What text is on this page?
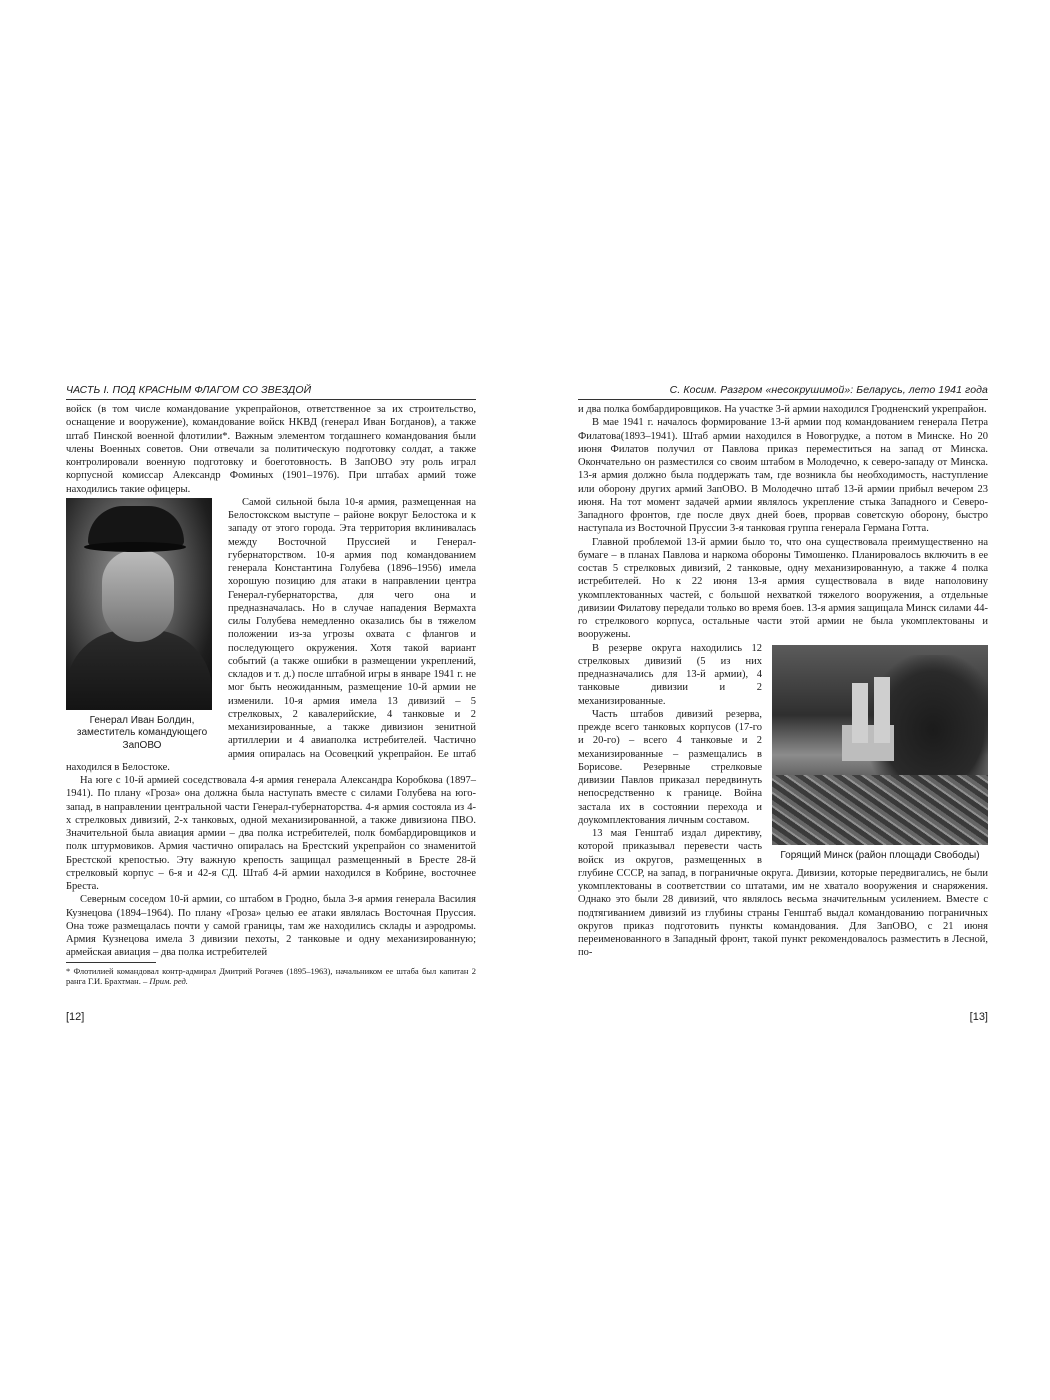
ЧАСТЬ I. ПОД КРАСНЫМ ФЛАГОМ СО ЗВЕЗДОЙ

войск (в том числе командование укрепрайонов, ответственное за их строительство, оснащение и вооружение), командование войск НКВД (генерал Иван Богданов), а также штаб Пинской военной флотилии*. Важным элементом тогдашнего командования были члены Военных советов. Они отвечали за политическую подготовку солдат, а также контролировали военную подготовку и боеготовность. В ЗапОВО эту роль играл корпусной комиссар Александр Фоминых (1901–1976). При штабах армий тоже находились такие офицеры.

Генерал Иван Болдин, заместитель командующего ЗапОВО

Самой сильной была 10-я армия, размещенная на Белостокском выступе – районе вокруг Белостока и к западу от этого города. Эта территория вклинивалась между Восточной Пруссией и Генерал-губернаторством. 10-я армия под командованием генерала Константина Голубева (1896–1956) имела хорошую позицию для атаки в направлении центра Генерал-губернаторства, для чего она и предназначалась. Но в случае нападения Вермахта силы Голубева немедленно оказались бы в тяжелом положении из-за угрозы охвата с флангов и последующего окружения. Хотя такой вариант событий (а также ошибки в размещении укреплений, складов и т. д.) после штабной игры в январе 1941 г. не мог быть неожиданным, размещение 10-й армии не изменили. 10-я армия имела 13 дивизий – 5 стрелковых, 2 кавалерийские, 4 танковые и 2 механизированные, а также дивизион зенитной артиллерии и 4 авиаполка истребителей. Частично армия опиралась на Осовецкий укрепрайон. Ее штаб находился в Белостоке.

На юге с 10-й армией соседствовала 4-я армия генерала Александра Коробкова (1897–1941). По плану «Гроза» она должна была наступать вместе с силами Голубева на юго-запад, в направлении центральной части Генерал-губернаторства. 4-я армия состояла из 4-х стрелковых дивизий, 2-х танковых, одной механизированной, а также дивизиона ПВО. Значительной была авиация армии – два полка истребителей, полк бомбардировщиков и полк штурмовиков. Армия частично опиралась на Брестский укрепрайон со знаменитой Брестской крепостью. Эту важную крепость защищал размещенный в Бресте 28-й стрелковый корпус – 6-я и 42-я СД. Штаб 4-й армии находился в Кобрине, восточнее Бреста.

Северным соседом 10-й армии, со штабом в Гродно, была 3-я армия генерала Василия Кузнецова (1894–1964). По плану «Гроза» целью ее атаки являлась Восточная Пруссия. Она тоже размещалась почти у самой границы, там же находились склады и аэродромы. Армия Кузнецова имела 3 дивизии пехоты, 2 танковые и одну механизированную; армейская авиация – два полка истребителей

* Флотилией командовал контр-адмирал Дмитрий Рогачев (1895–1963), начальником ее штаба был капитан 2 ранга Г.И. Брахтман. – Прим. ред.
[12]
С. Косим. Разгром «несокрушимой»: Беларусь, лето 1941 года

и два полка бомбардировщиков. На участке 3-й армии находился Гродненский укрепрайон.

В мае 1941 г. началось формирование 13-й армии под командованием генерала Петра Филатова(1893–1941). Штаб армии находился в Новогрудке, а потом в Минске. Но 20 июня Филатов получил от Павлова приказ переместиться на запад от Минска. Окончательно он разместился со своим штабом в Молодечно, к северо-западу от Минска. 13-я армия должно была поддержать там, где возникла бы необходимость, наступление или оборону других армий ЗапОВО. В Молодечно штаб 13-й армии прибыл вечером 23 июня. На тот момент задачей армии являлось укрепление стыка Западного и Северо-Западного фронтов, где после двух дней боев, прорвав советскую оборону, быстро наступала из Восточной Пруссии 3-я танковая группа генерала Германа Готта.

Главной проблемой 13-й армии было то, что она существовала преимущественно на бумаге – в планах Павлова и наркома обороны Тимошенко. Планировалось включить в ее состав 5 стрелковых дивизий, 2 танковые, одну механизированную, а также 4 полка истребителей. Но к 22 июня 13-я армия существовала в виде наполовину укомплектованных частей, с большой нехваткой тяжелого вооружения, а отдельные дивизии Филатову передали только во время боев. 13-я армия защищала Минск силами 44-го стрелкового корпуса, остальные части этой армии не была укомплектованы и вооружены.

Горящий Минск (район площади Свободы)

В резерве округа находились 12 стрелковых дивизий (5 из них предназначались для 13-й армии), 4 танковые дивизии и 2 механизированные.

Часть штабов дивизий резерва, прежде всего танковых корпусов (17-го и 20-го) – всего 4 танковые и 2 механизированные – размещались в Борисове. Резервные стрелковые дивизии Павлов приказал передвинуть непосредственно к границе. Война застала их в состоянии перехода и доукомплектования личным составом.

13 мая Генштаб издал директиву, которой приказывал перевести часть войск из округов, размещенных в глубине СССР, на запад, в пограничные округа. Дивизии, которые передвигались, не были укомплектованы в соответствии со штатами, им не хватало вооружения и снаряжения. Однако это были 28 дивизий, что являлось весьма значительным усилением. Вместе с подтягиванием дивизий из глубины страны Генштаб выдал командованию пограничных округов приказ подготовить пункты командования. Для ЗапОВО, с 21 июня переименованного в Западный фронт, такой пункт рекомендовалось разместить в Лесной, по-

[13]
